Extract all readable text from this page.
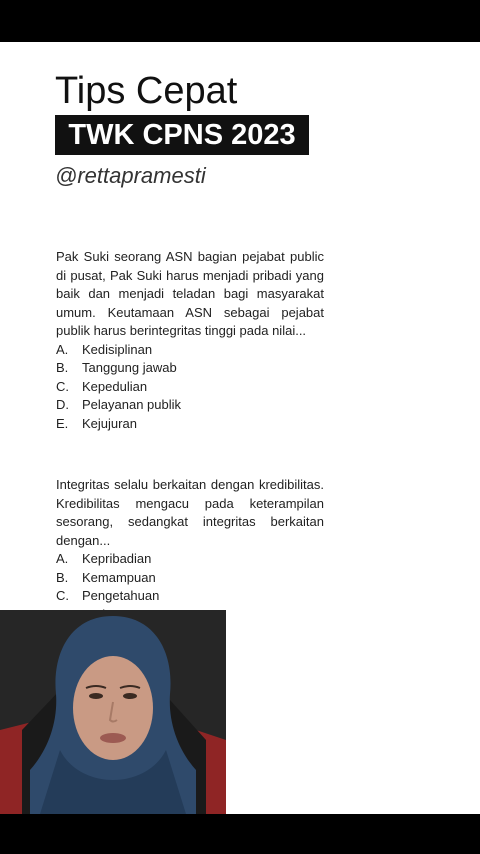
Tips Cepat
TWK CPNS 2023
@rettapramesti

Pak Suki seorang ASN bagian pejabat public di pusat, Pak Suki harus menjadi pribadi yang baik dan menjadi teladan bagi masyarakat umum. Keutamaan ASN sebagai pejabat publik harus berintegritas tinggi pada nilai...

A.	Kedisiplinan
B.	Tanggung jawab
C.	Kepedulian
D.	Pelayanan publik
E.	Kejujuran

Integritas selalu berkaitan dengan kredibilitas. Kredibilitas mengacu pada keterampilan sesorang, sedangkat integritas berkaitan dengan...

A.	Kepribadian
B.	Kemampuan
C.	Pengetahuan
